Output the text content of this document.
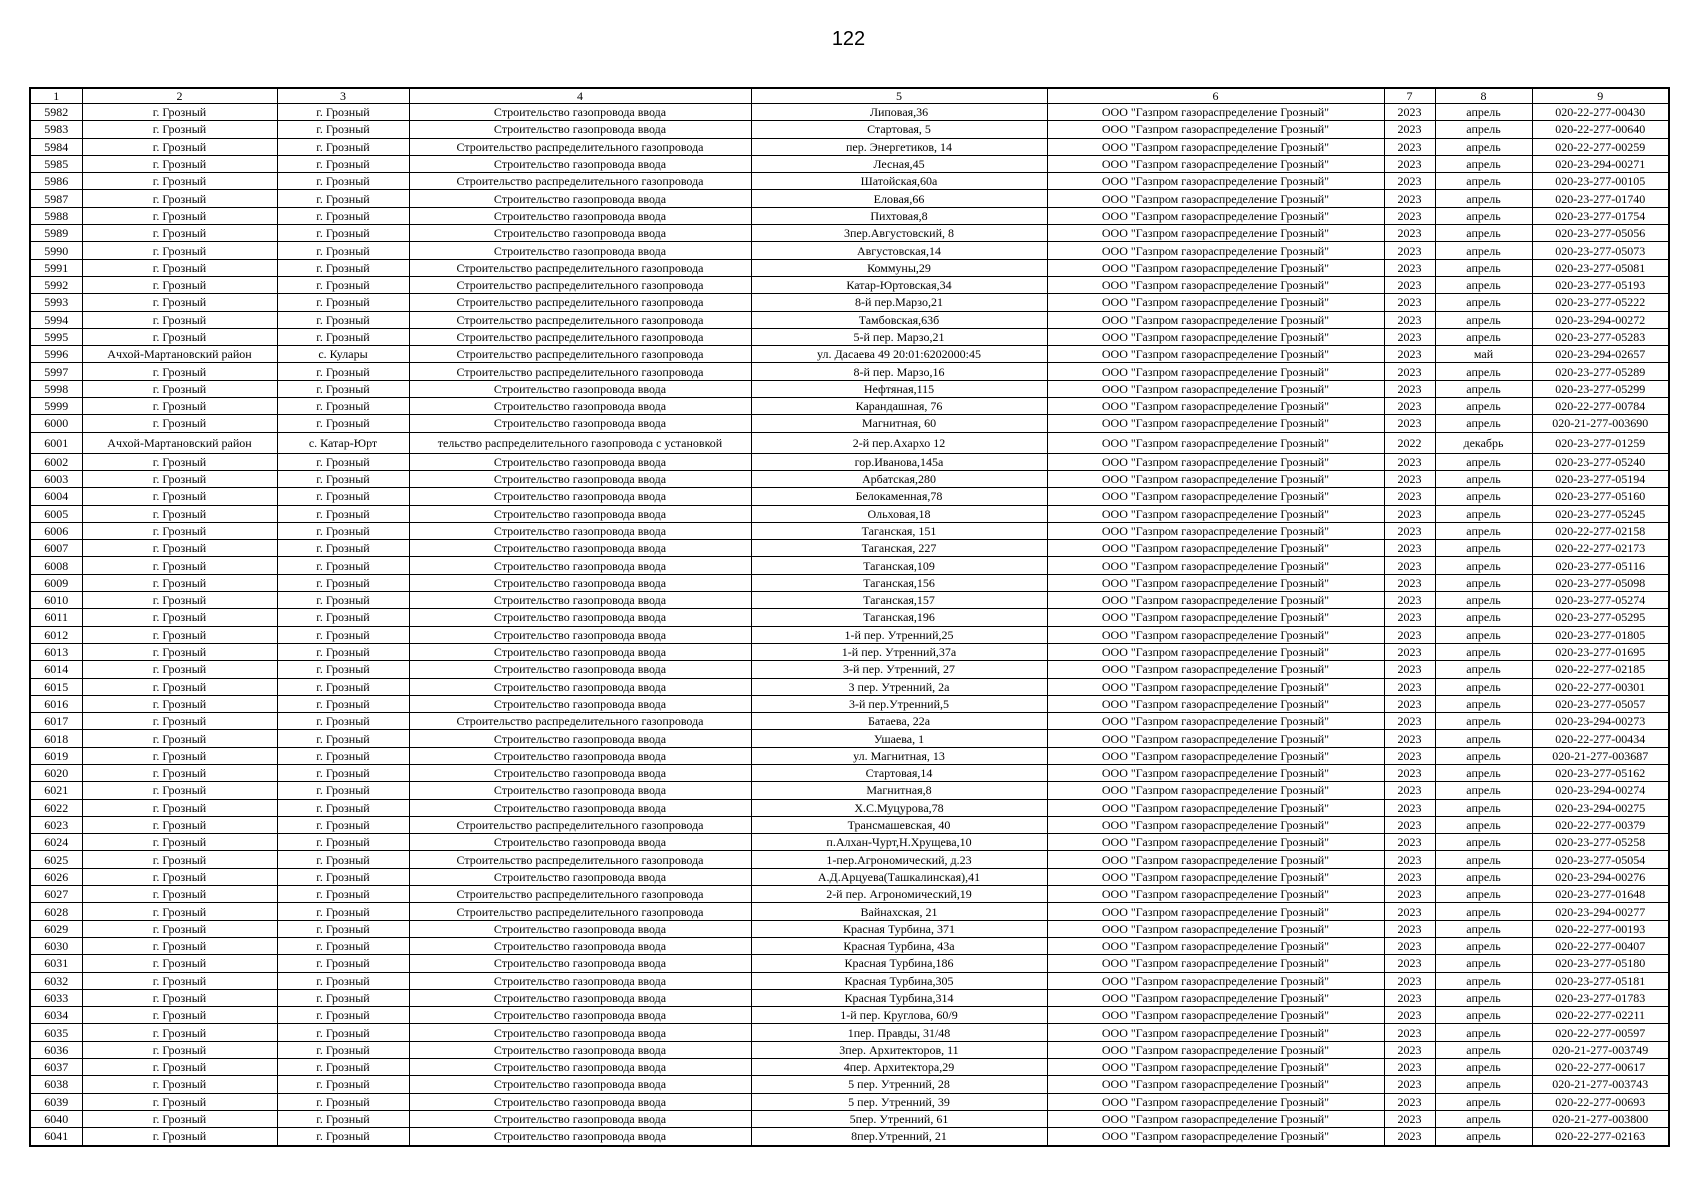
122
1	2	3	4	5	6	7	8	9
5982	г. Грозный	г. Грозный	Строительство газопровода ввода	Липовая,36	ООО "Газпром газораспределение Грозный"	2023	апрель	020-22-277-00430
5983	г. Грозный	г. Грозный	Строительство газопровода ввода	Стартовая, 5	ООО "Газпром газораспределение Грозный"	2023	апрель	020-22-277-00640
5984	г. Грозный	г. Грозный	Строительство распределительного газопровода	пер. Энергетиков, 14	ООО "Газпром газораспределение Грозный"	2023	апрель	020-22-277-00259
5985	г. Грозный	г. Грозный	Строительство газопровода ввода	Лесная,45	ООО "Газпром газораспределение Грозный"	2023	апрель	020-23-294-00271
5986	г. Грозный	г. Грозный	Строительство распределительного газопровода	Шатойская,60а	ООО "Газпром газораспределение Грозный"	2023	апрель	020-23-277-00105
5987	г. Грозный	г. Грозный	Строительство газопровода ввода	Еловая,66	ООО "Газпром газораспределение Грозный"	2023	апрель	020-23-277-01740
5988	г. Грозный	г. Грозный	Строительство газопровода ввода	Пихтовая,8	ООО "Газпром газораспределение Грозный"	2023	апрель	020-23-277-01754
5989	г. Грозный	г. Грозный	Строительство газопровода ввода	3пер.Августовский, 8	ООО "Газпром газораспределение Грозный"	2023	апрель	020-23-277-05056
5990	г. Грозный	г. Грозный	Строительство газопровода ввода	Августовская,14	ООО "Газпром газораспределение Грозный"	2023	апрель	020-23-277-05073
5991	г. Грозный	г. Грозный	Строительство распределительного газопровода	Коммуны,29	ООО "Газпром газораспределение Грозный"	2023	апрель	020-23-277-05081
5992	г. Грозный	г. Грозный	Строительство распределительного газопровода	Катар-Юртовская,34	ООО "Газпром газораспределение Грозный"	2023	апрель	020-23-277-05193
5993	г. Грозный	г. Грозный	Строительство распределительного газопровода	8-й пер.Марзо,21	ООО "Газпром газораспределение Грозный"	2023	апрель	020-23-277-05222
5994	г. Грозный	г. Грозный	Строительство распределительного газопровода	Тамбовская,63б	ООО "Газпром газораспределение Грозный"	2023	апрель	020-23-294-00272
5995	г. Грозный	г. Грозный	Строительство распределительного газопровода	5-й пер. Марзо,21	ООО "Газпром газораспределение Грозный"	2023	апрель	020-23-277-05283
5996	Ачхой-Мартановский район	с. Кулары	Строительство распределительного газопровода	ул. Дасаева 49 20:01:6202000:45	ООО "Газпром газораспределение Грозный"	2023	май	020-23-294-02657
5997	г. Грозный	г. Грозный	Строительство распределительного газопровода	8-й пер. Марзо,16	ООО "Газпром газораспределение Грозный"	2023	апрель	020-23-277-05289
5998	г. Грозный	г. Грозный	Строительство газопровода ввода	Нефтяная,115	ООО "Газпром газораспределение Грозный"	2023	апрель	020-23-277-05299
5999	г. Грозный	г. Грозный	Строительство газопровода ввода	Карандашная, 76	ООО "Газпром газораспределение Грозный"	2023	апрель	020-22-277-00784
6000	г. Грозный	г. Грозный	Строительство газопровода ввода	Магнитная, 60	ООО "Газпром газораспределение Грозный"	2023	апрель	020-21-277-003690
6001	Ачхой-Мартановский район	с. Катар-Юрт	тельство распределительного газопровода с установкой	2-й пер.Ахархо 12	ООО "Газпром газораспределение Грозный"	2022	декабрь	020-23-277-01259
6002	г. Грозный	г. Грозный	Строительство газопровода ввода	гор.Иванова,145а	ООО "Газпром газораспределение Грозный"	2023	апрель	020-23-277-05240
6003	г. Грозный	г. Грозный	Строительство газопровода ввода	Арбатская,280	ООО "Газпром газораспределение Грозный"	2023	апрель	020-23-277-05194
6004	г. Грозный	г. Грозный	Строительство газопровода ввода	Белокаменная,78	ООО "Газпром газораспределение Грозный"	2023	апрель	020-23-277-05160
6005	г. Грозный	г. Грозный	Строительство газопровода ввода	Ольховая,18	ООО "Газпром газораспределение Грозный"	2023	апрель	020-23-277-05245
6006	г. Грозный	г. Грозный	Строительство газопровода ввода	Таганская, 151	ООО "Газпром газораспределение Грозный"	2023	апрель	020-22-277-02158
6007	г. Грозный	г. Грозный	Строительство газопровода ввода	Таганская, 227	ООО "Газпром газораспределение Грозный"	2023	апрель	020-22-277-02173
6008	г. Грозный	г. Грозный	Строительство газопровода ввода	Таганская,109	ООО "Газпром газораспределение Грозный"	2023	апрель	020-23-277-05116
6009	г. Грозный	г. Грозный	Строительство газопровода ввода	Таганская,156	ООО "Газпром газораспределение Грозный"	2023	апрель	020-23-277-05098
6010	г. Грозный	г. Грозный	Строительство газопровода ввода	Таганская,157	ООО "Газпром газораспределение Грозный"	2023	апрель	020-23-277-05274
6011	г. Грозный	г. Грозный	Строительство газопровода ввода	Таганская,196	ООО "Газпром газораспределение Грозный"	2023	апрель	020-23-277-05295
6012	г. Грозный	г. Грозный	Строительство газопровода ввода	1-й пер. Утренний,25	ООО "Газпром газораспределение Грозный"	2023	апрель	020-23-277-01805
6013	г. Грозный	г. Грозный	Строительство газопровода ввода	1-й пер. Утренний,37а	ООО "Газпром газораспределение Грозный"	2023	апрель	020-23-277-01695
6014	г. Грозный	г. Грозный	Строительство газопровода ввода	3-й пер. Утренний, 27	ООО "Газпром газораспределение Грозный"	2023	апрель	020-22-277-02185
6015	г. Грозный	г. Грозный	Строительство газопровода ввода	3 пер. Утренний, 2а	ООО "Газпром газораспределение Грозный"	2023	апрель	020-22-277-00301
6016	г. Грозный	г. Грозный	Строительство газопровода ввода	3-й пер.Утренний,5	ООО "Газпром газораспределение Грозный"	2023	апрель	020-23-277-05057
6017	г. Грозный	г. Грозный	Строительство распределительного газопровода	Батаева, 22а	ООО "Газпром газораспределение Грозный"	2023	апрель	020-23-294-00273
6018	г. Грозный	г. Грозный	Строительство газопровода ввода	Ушаева, 1	ООО "Газпром газораспределение Грозный"	2023	апрель	020-22-277-00434
6019	г. Грозный	г. Грозный	Строительство газопровода ввода	ул. Магнитная, 13	ООО "Газпром газораспределение Грозный"	2023	апрель	020-21-277-003687
6020	г. Грозный	г. Грозный	Строительство газопровода ввода	Стартовая,14	ООО "Газпром газораспределение Грозный"	2023	апрель	020-23-277-05162
6021	г. Грозный	г. Грозный	Строительство газопровода ввода	Магнитная,8	ООО "Газпром газораспределение Грозный"	2023	апрель	020-23-294-00274
6022	г. Грозный	г. Грозный	Строительство газопровода ввода	Х.С.Муцурова,78	ООО "Газпром газораспределение Грозный"	2023	апрель	020-23-294-00275
6023	г. Грозный	г. Грозный	Строительство распределительного газопровода	Трансмашевская, 40	ООО "Газпром газораспределение Грозный"	2023	апрель	020-22-277-00379
6024	г. Грозный	г. Грозный	Строительство газопровода ввода	п.Алхан-Чурт,Н.Хрущева,10	ООО "Газпром газораспределение Грозный"	2023	апрель	020-23-277-05258
6025	г. Грозный	г. Грозный	Строительство распределительного газопровода	1-пер.Агрономический, д.23	ООО "Газпром газораспределение Грозный"	2023	апрель	020-23-277-05054
6026	г. Грозный	г. Грозный	Строительство газопровода ввода	А.Д.Арцуева(Ташкалинская),41	ООО "Газпром газораспределение Грозный"	2023	апрель	020-23-294-00276
6027	г. Грозный	г. Грозный	Строительство распределительного газопровода	2-й пер. Агрономический,19	ООО "Газпром газораспределение Грозный"	2023	апрель	020-23-277-01648
6028	г. Грозный	г. Грозный	Строительство распределительного газопровода	Вайнахская, 21	ООО "Газпром газораспределение Грозный"	2023	апрель	020-23-294-00277
6029	г. Грозный	г. Грозный	Строительство газопровода ввода	Красная Турбина, 371	ООО "Газпром газораспределение Грозный"	2023	апрель	020-22-277-00193
6030	г. Грозный	г. Грозный	Строительство газопровода ввода	Красная Турбина, 43а	ООО "Газпром газораспределение Грозный"	2023	апрель	020-22-277-00407
6031	г. Грозный	г. Грозный	Строительство газопровода ввода	Красная Турбина,186	ООО "Газпром газораспределение Грозный"	2023	апрель	020-23-277-05180
6032	г. Грозный	г. Грозный	Строительство газопровода ввода	Красная Турбина,305	ООО "Газпром газораспределение Грозный"	2023	апрель	020-23-277-05181
6033	г. Грозный	г. Грозный	Строительство газопровода ввода	Красная Турбина,314	ООО "Газпром газораспределение Грозный"	2023	апрель	020-23-277-01783
6034	г. Грозный	г. Грозный	Строительство газопровода ввода	1-й пер. Круглова, 60/9	ООО "Газпром газораспределение Грозный"	2023	апрель	020-22-277-02211
6035	г. Грозный	г. Грозный	Строительство газопровода ввода	1пер. Правды, 31/48	ООО "Газпром газораспределение Грозный"	2023	апрель	020-22-277-00597
6036	г. Грозный	г. Грозный	Строительство газопровода ввода	3пер. Архитекторов, 11	ООО "Газпром газораспределение Грозный"	2023	апрель	020-21-277-003749
6037	г. Грозный	г. Грозный	Строительство газопровода ввода	4пер. Архитектора,29	ООО "Газпром газораспределение Грозный"	2023	апрель	020-22-277-00617
6038	г. Грозный	г. Грозный	Строительство газопровода ввода	5 пер. Утренний, 28	ООО "Газпром газораспределение Грозный"	2023	апрель	020-21-277-003743
6039	г. Грозный	г. Грозный	Строительство газопровода ввода	5 пер. Утренний, 39	ООО "Газпром газораспределение Грозный"	2023	апрель	020-22-277-00693
6040	г. Грозный	г. Грозный	Строительство газопровода ввода	5пер. Утренний, 61	ООО "Газпром газораспределение Грозный"	2023	апрель	020-21-277-003800
6041	г. Грозный	г. Грозный	Строительство газопровода ввода	8пер.Утренний, 21	ООО "Газпром газораспределение Грозный"	2023	апрель	020-22-277-02163
